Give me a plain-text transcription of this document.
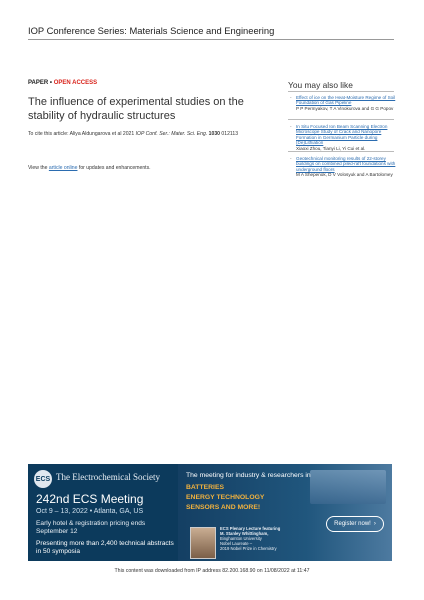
IOP Conference Series: Materials Science and Engineering
PAPER • OPEN ACCESS
The influence of experimental studies on the stability of hydraulic structures
To cite this article: Aliya Aldungarova et al 2021 IOP Conf. Ser.: Mater. Sci. Eng. 1030 012113
View the article online for updates and enhancements.
You may also like
- Effect of ice on the Heat-Moisture Regime of Soil Foundation of Gas Pipeline
P P Permyakov, T A Vinokurova and G G Popov
- In Situ Focused Ion Beam Scanning Electron Microscope Study of Crack and Nanopore Formation in Germanium Particle during (De)Lithiation
Xiaoxi Zhou, Tianyi Li, Yi Cui et al.
- Geotechnical monitoring results of 22-storey buildings on combined piled-raft foundations with underground floors
M A Shepenok, D V Volosyuk and A Bartolomey
ECS The Electrochemical Society
242nd ECS Meeting
Oct 9 – 13, 2022 • Atlanta, GA, US
Early hotel & registration pricing ends September 12
Presenting more than 2,400 technical abstracts in 50 symposia
The meeting for industry & researchers in
BATTERIES
ENERGY TECHNOLOGY
SENSORS AND MORE!
Register now! ›
ECS Plenary Lecture featuring
M. Stanley Whittingham,
Binghamton University
Nobel Laureate –
2019 Nobel Prize in Chemistry
This content was downloaded from IP address 82.200.168.90 on 11/08/2022 at 11:47
